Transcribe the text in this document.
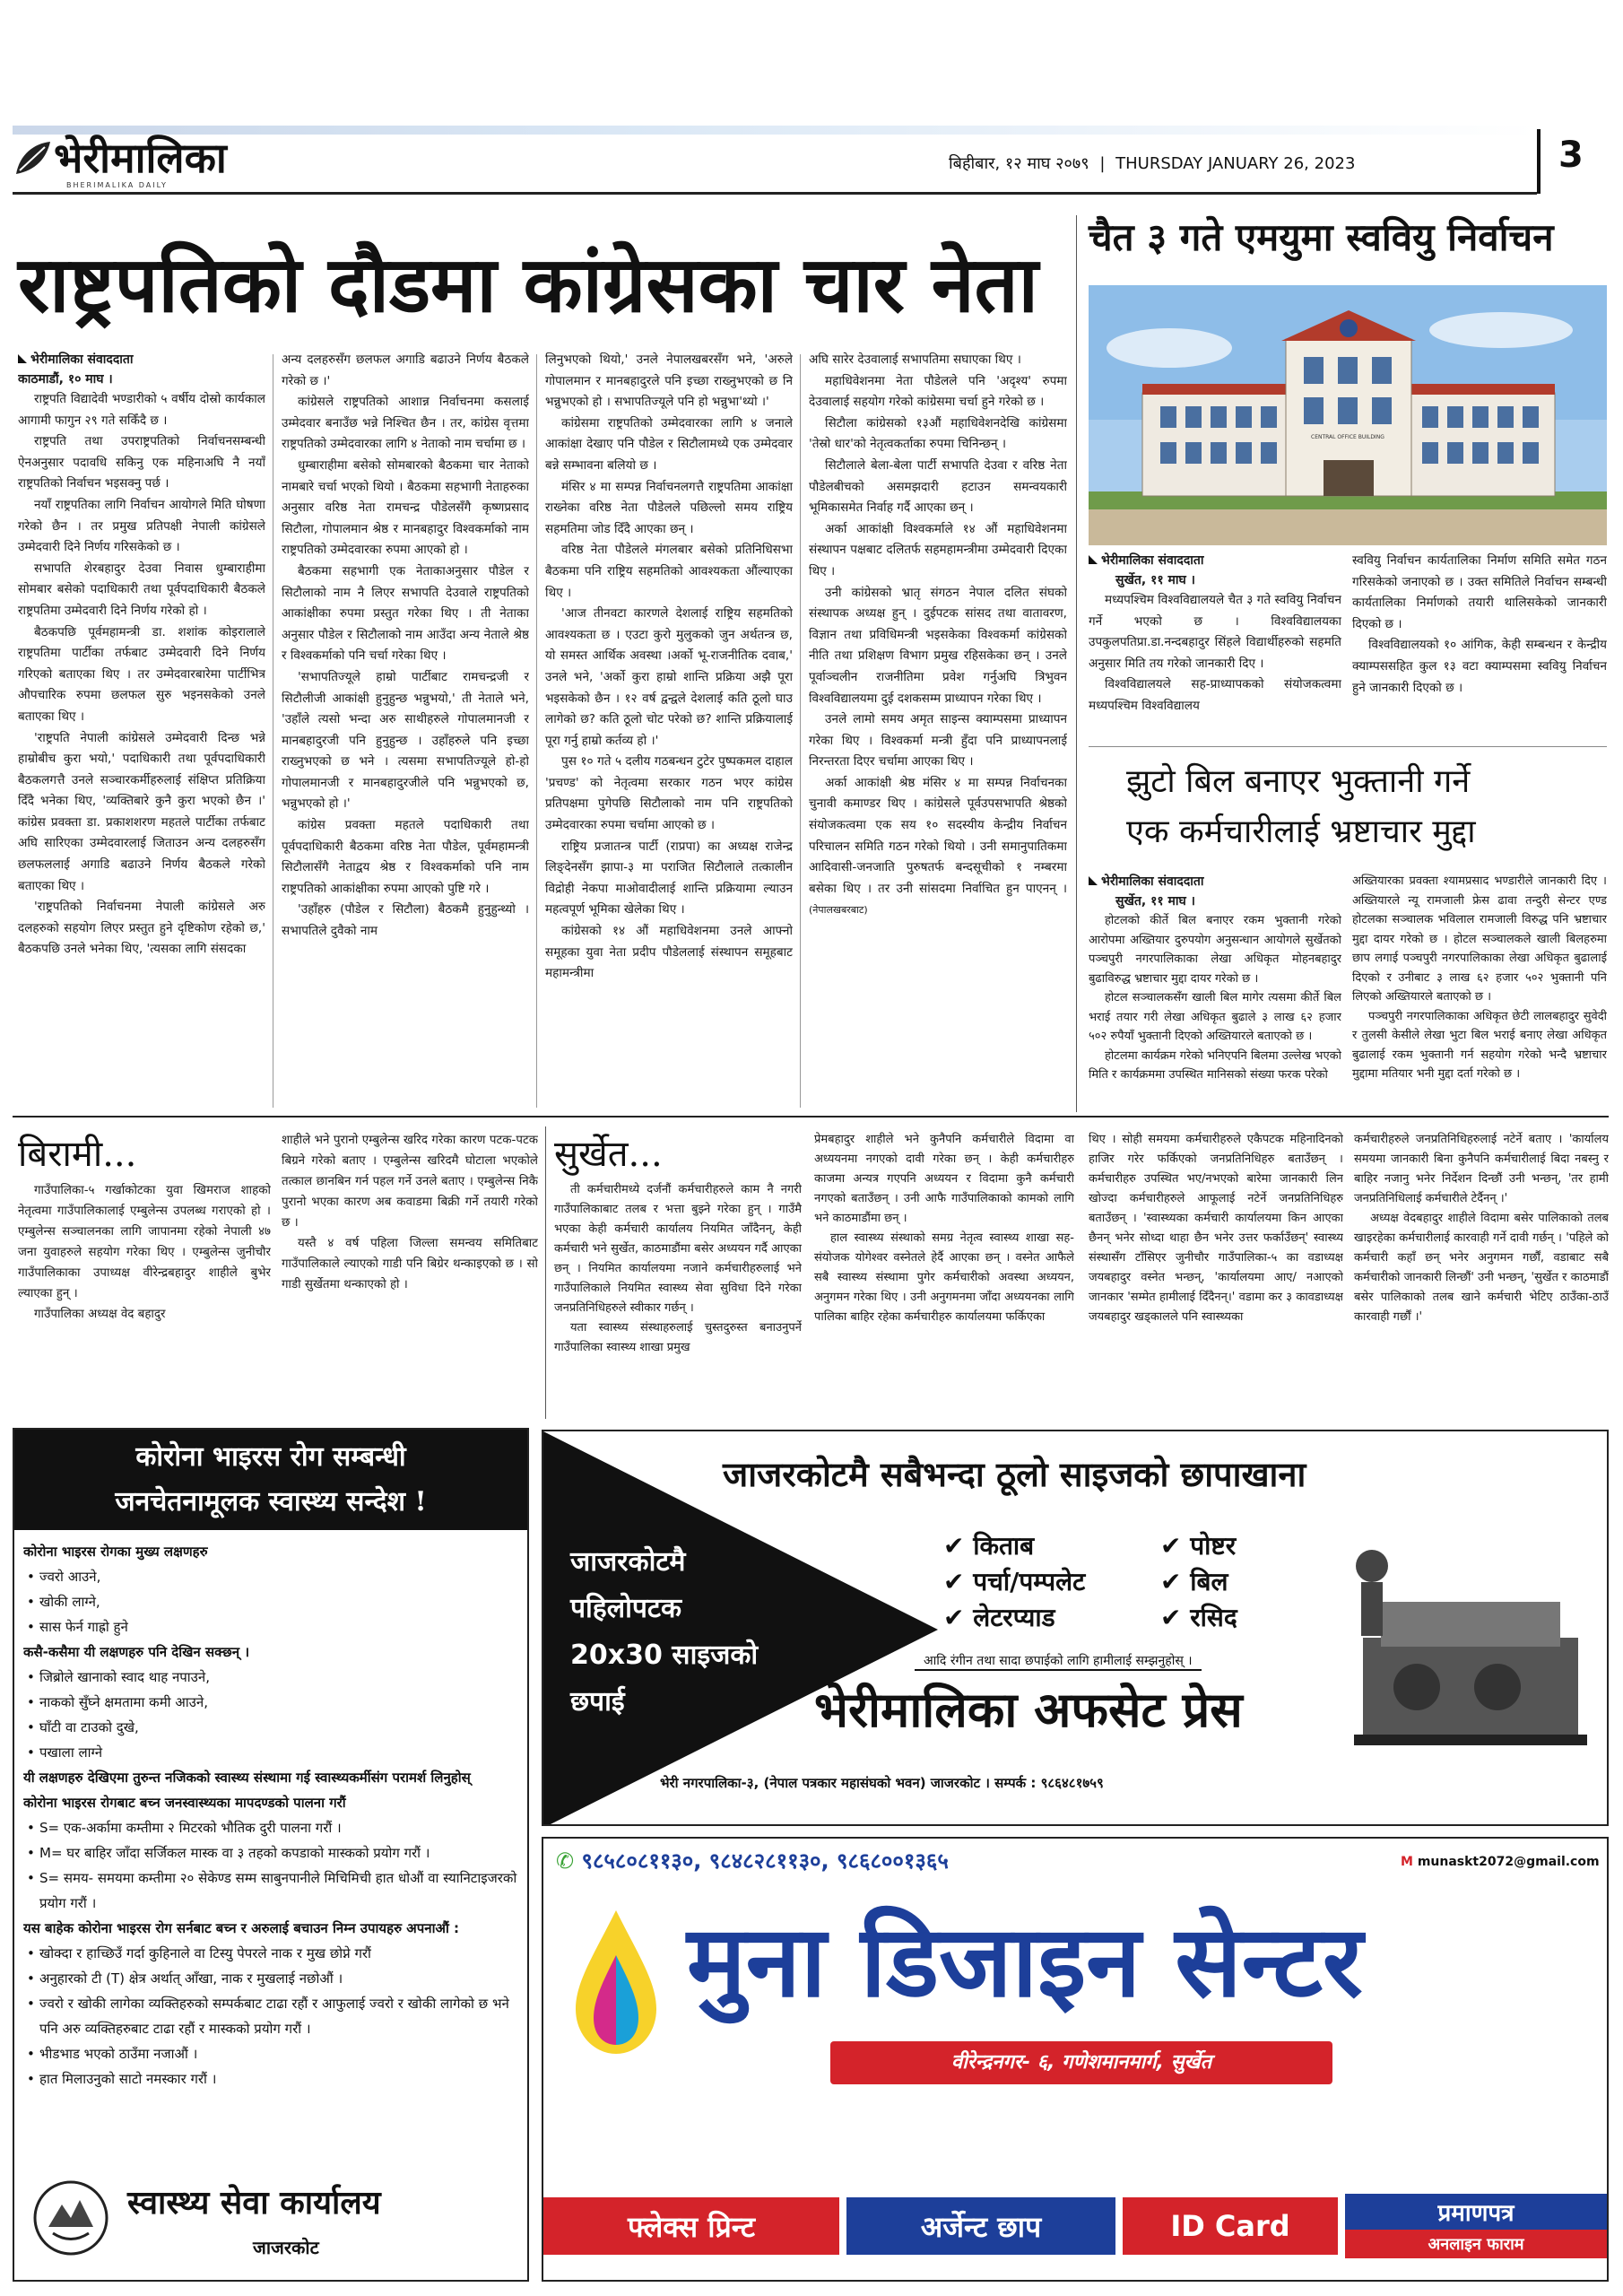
भेरीमालिका
BHERIMALIKA DAILY
बिहीबार, १२ माघ २०७९ | THURSDAY JANUARY 26, 2023	3
राष्ट्रपतिको दौडमा कांग्रेसका चार नेता
भेरीमालिका संवाददाता
काठमाडौं, १० माघ ।

राष्ट्रपति विद्यादेवी भण्डारीको ५ वर्षीय दोस्रो कार्यकाल आगामी फागुन २९ गते सकिँदै छ ।

राष्ट्रपति तथा उपराष्ट्रपतिको निर्वाचनसम्बन्धी ऐनअनुसार पदावधि सकिनु एक महिनाअघि नै नयाँ राष्ट्रपतिको निर्वाचन भइसक्नु पर्छ ।

नयाँ राष्ट्रपतिका लागि निर्वाचन आयोगले मिति घोषणा गरेको छैन । तर प्रमुख प्रतिपक्षी नेपाली कांग्रेसले उम्मेदवारी दिने निर्णय गरिसकेको छ ।

सभापति शेरबहादुर देउवा निवास धुम्बाराहीमा सोमबार बसेको पदाधिकारी तथा पूर्वपदाधिकारी बैठकले राष्ट्रपतिमा उम्मेदवारी दिने निर्णय गरेको हो ।

बैठकपछि पूर्वमहामन्त्री डा. शशांक कोइरालाले राष्ट्रपतिमा पार्टीका तर्फबाट उम्मेदवारी दिने निर्णय गरिएको बताएका थिए । तर उम्मेदवारबारेमा पार्टीभित्र औपचारिक रुपमा छलफल सुरु भइनसकेको उनले बताएका थिए ।

'राष्ट्रपति नेपाली कांग्रेसले उम्मेदवारी दिन्छ भन्ने हाम्रोबीच कुरा भयो,' पदाधिकारी तथा पूर्वपदाधिकारी बैठकलगत्तै उनले सञ्चारकर्मीहरुलाई संक्षिप्त प्रतिक्रिया दिँदै भनेका थिए, 'व्यक्तिबारे कुनै कुरा भएको छैन ।' कांग्रेस प्रवक्ता डा. प्रकाशशरण महतले पार्टीका तर्फबाट अघि सारिएका उम्मेदवारलाई जिताउन अन्य दलहरुसँग छलफललाई अगाडि बढाउने निर्णय बैठकले गरेको बताएका थिए ।

'राष्ट्रपतिको निर्वाचनमा नेपाली कांग्रेसले अरु दलहरुको सहयोग लिएर प्रस्तुत हुने दृष्टिकोण रहेको छ,' बैठकपछि उनले भनेका थिए, 'त्यसका लागि संसदका

अन्य दलहरुसँग छलफल अगाडि बढाउने निर्णय बैठकले गरेको छ ।'

कांग्रेसले राष्ट्रपतिको आशान्न निर्वाचनमा कसलाई उम्मेदवार बनाउँछ भन्ने निश्चित छैन । तर, कांग्रेस वृत्तमा राष्ट्रपतिको उम्मेदवारका लागि ४ नेताको नाम चर्चामा छ ।

धुम्बाराहीमा बसेको सोमबारको बैठकमा चार नेताको नामबारे चर्चा भएको थियो । बैठकमा सहभागी नेताहरुका अनुसार वरिष्ठ नेता रामचन्द्र पौडेलसँगै कृष्णप्रसाद सिटौला, गोपालमान श्रेष्ठ र मानबहादुर विश्वकर्माको नाम राष्ट्रपतिको उम्मेदवारका रुपमा आएको हो ।

बैठकमा सहभागी एक नेताकाअनुसार पौडेल र सिटौलाको नाम नै लिएर सभापति देउवाले राष्ट्रपतिको आकांक्षीका रुपमा प्रस्तुत गरेका थिए । ती नेताका अनुसार पौडेल र सिटौलाको नाम आउँदा अन्य नेताले श्रेष्ठ र विश्वकर्माको पनि चर्चा गरेका थिए ।

'सभापतिज्यूले हाम्रो पार्टीबाट रामचन्द्रजी र सिटौलीजी आकांक्षी हुनुहुन्छ भन्नुभयो,' ती नेताले भने, 'उहाँले त्यसो भन्दा अरु साथीहरुले गोपालमानजी र मानबहादुरजी पनि हुनुहुन्छ । उहाँहरुले पनि इच्छा राख्नुभएको छ भने । त्यसमा सभापतिज्यूले हो-हो गोपालमानजी र मानबहादुरजीले पनि भन्नुभएको छ, भन्नुभएको हो ।'

कांग्रेस प्रवक्ता महतले पदाधिकारी तथा पूर्वपदाधिकारी बैठकमा वरिष्ठ नेता पौडेल, पूर्वमहामन्त्री सिटौलासँगै नेताद्वय श्रेष्ठ र विश्वकर्माको पनि नाम राष्ट्रपतिको आकांक्षीका रुपमा आएको पुष्टि गरे ।

'उहाँहरु (पौडेल र सिटौला) बैठकमै हुनुहुन्थ्यो । सभापतिले दुवैको नाम

लिनुभएको थियो,' उनले नेपालखबरसँग भने, 'अरुले गोपालमान र मानबहादुरले पनि इच्छा राख्नुभएको छ नि भन्नुभएको हो । सभापतिज्यूले पनि हो भन्नुभा'थ्यो ।'

कांग्रेसमा राष्ट्रपतिको उम्मेदवारका लागि ४ जनाले आकांक्षा देखाए पनि पौडेल र सिटौलामध्ये एक उम्मेदवार बन्ने सम्भावना बलियो छ ।

मंसिर ४ मा सम्पन्न निर्वाचनलगत्तै राष्ट्रपतिमा आकांक्षा राख्नेका वरिष्ठ नेता पौडेलले पछिल्लो समय राष्ट्रिय सहमतिमा जोड दिँदै आएका छन् ।

वरिष्ठ नेता पौडेलले मंगलबार बसेको प्रतिनिधिसभा बैठकमा पनि राष्ट्रिय सहमतिको आवश्यकता औंल्याएका थिए ।

'आज तीनवटा कारणले देशलाई राष्ट्रिय सहमतिको आवश्यकता छ । एउटा कुरो मुलुकको जुन अर्थतन्त्र छ, यो समस्त आर्थिक अवस्था ।अर्को भू-राजनीतिक दवाब,' उनले भने, 'अर्को कुरा हाम्रो शान्ति प्रक्रिया अझै पूरा भइसकेको छैन । १२ वर्ष द्वन्द्वले देशलाई कति ठूलो घाउ लागेको छ? कति ठूलो चोट परेको छ? शान्ति प्रक्रियालाई पूरा गर्नु हाम्रो कर्तव्य हो ।'

पुस १० गते ५ दलीय गठबन्धन टुटेर पुष्पकमल दाहाल 'प्रचण्ड' को नेतृत्वमा सरकार गठन भएर कांग्रेस प्रतिपक्षमा पुगेपछि सिटौलाको नाम पनि राष्ट्रपतिको उम्मेदवारका रुपमा चर्चामा आएको छ ।

राष्ट्रिय प्रजातन्त्र पार्टी (राप्रपा) का अध्यक्ष राजेन्द्र लिङ्देनसँग झापा-३ मा पराजित सिटौलाले तत्कालीन विद्रोही नेकपा माओवादीलाई शान्ति प्रक्रियामा ल्याउन महत्वपूर्ण भूमिका खेलेका थिए ।

कांग्रेसको १४ औं महाधिवेशनमा उनले आफ्नो समूहका युवा नेता प्रदीप पौडेललाई संस्थापन समूहबाट महामन्त्रीमा

अघि सारेर देउवालाई सभापतिमा सघाएका थिए ।

महाधिवेशनमा नेता पौडेलले पनि 'अदृश्य' रुपमा देउवालाई सहयोग गरेको कांग्रेसमा चर्चा हुने गरेको छ ।

सिटौला कांग्रेसको १३औं महाधिवेशनदेखि कांग्रेसमा 'तेस्रो धार'को नेतृत्वकर्ताका रुपमा चिनिन्छन् ।

सिटौलाले बेला-बेला पार्टी सभापति देउवा र वरिष्ठ नेता पौडेलबीचको असमझदारी हटाउन समन्वयकारी भूमिकासमेत निर्वाह गर्दै आएका छन् ।

अर्का आकांक्षी विश्वकर्माले १४ औं महाधिवेशनमा संस्थापन पक्षबाट दलितर्फ सहमहामन्त्रीमा उम्मेदवारी दिएका थिए ।

उनी कांग्रेसको भ्रातृ संगठन नेपाल दलित संघको संस्थापक अध्यक्ष हुन् । दुईपटक सांसद तथा वातावरण, विज्ञान तथा प्रविधिमन्त्री भइसकेका विश्वकर्मा कांग्रेसको नीति तथा प्रशिक्षण विभाग प्रमुख रहिसकेका छन् । उनले पूर्वाञ्चलीन राजनीतिमा प्रवेश गर्नुअघि त्रिभुवन विश्वविद्यालयमा दुई दशकसम्म प्राध्यापन गरेका थिए ।

उनले लामो समय अमृत साइन्स क्याम्पसमा प्राध्यापन गरेका थिए । विश्वकर्मा मन्त्री हुँदा पनि प्राध्यापनलाई निरन्तरता दिएर चर्चामा आएका थिए ।

अर्का आकांक्षी श्रेष्ठ मंसिर ४ मा सम्पन्न निर्वाचनका चुनावी कमाण्डर थिए । कांग्रेसले पूर्वउपसभापति श्रेष्ठको संयोजकत्वमा एक सय १० सदस्यीय केन्द्रीय निर्वाचन परिचालन समिति गठन गरेको थियो । उनी समानुपातिकमा आदिवासी-जनजाति पुरुषतर्फ बन्दसूचीको १ नम्बरमा बसेका थिए । तर उनी सांसदमा निर्वाचित हुन पाएनन् । (नेपालखबरबाट)

चैत ३ गते एमयुमा स्ववियु निर्वाचन
CENTRAL OFFICE BUILDING
भेरीमालिका संवाददाता
सुर्खेत, ११ माघ ।

मध्यपश्चिम विश्वविद्यालयले चैत ३ गते स्ववियु निर्वाचन गर्ने भएको छ । विश्वविद्यालयका उपकुलपतिप्रा.डा.नन्दबहादुर सिंहले विद्यार्थीहरुको सहमति अनुसार मिति तय गरेको जानकारी दिए ।

विश्वविद्यालयले सह-प्राध्यापकको संयोजकत्वमा मध्यपश्चिम विश्वविद्यालय

स्ववियु निर्वाचन कार्यतालिका निर्माण समिति समेत गठन गरिसकेको जनाएको छ । उक्त समितिले निर्वाचन सम्बन्धी कार्यतालिका निर्माणको तयारी थालिसकेको जानकारी दिएको छ ।

विश्वविद्यालयको १० आंगिक, केही सम्बन्धन र केन्द्रीय क्याम्पससहित कुल १३ वटा क्याम्पसमा स्ववियु निर्वाचन हुने जानकारी दिएको छ ।

झुटो बिल बनाएर भुक्तानी गर्ने
एक कर्मचारीलाई भ्रष्टाचार मुद्दा
भेरीमालिका संवाददाता
सुर्खेत, ११ माघ ।

होटलको कीर्ते बिल बनाएर रकम भुक्तानी गरेको आरोपमा अख्तियार दुरुपयोग अनुसन्धान आयोगले सुर्खेतको पञ्चपुरी नगरपालिकाका लेखा अधिकृत मोहनबहादुर बुढाविरुद्ध भ्रष्टाचार मुद्दा दायर गरेको छ ।

होटल सञ्चालकसँग खाली बिल मागेर त्यसमा कीर्ते बिल भराई तयार गरी लेखा अधिकृत बुढाले ३ लाख ६२ हजार ५०२ रुपैयाँ भुक्तानी दिएको अख्तियारले बताएको छ ।

होटलमा कार्यक्रम गरेको भनिएपनि बिलमा उल्लेख भएको मिति र कार्यक्रममा उपस्थित मानिसको संख्या फरक परेको

अख्तियारका प्रवक्ता श्यामप्रसाद भण्डारीले जानकारी दिए ।अख्तियारले न्यू रामजाली फ्रेस ढावा तन्दुरी सेन्टर एण्ड होटलका सञ्चालक भविलाल रामजाली विरुद्ध पनि भ्रष्टाचार मुद्दा दायर गरेको छ । होटल सञ्चालकले खाली बिलहरुमा छाप लगाई पञ्चपुरी नगरपालिकाका लेखा अधिकृत बुढालाई दिएको र उनीबाट ३ लाख ६२ हजार ५०२ भुक्तानी पनि लिएको अख्तियारले बताएको छ ।

पञ्चपुरी नगरपालिकाका अधिकृत छेटी लालबहादुर सुवेदी र तुलसी केसीले लेखा भुटा बिल भराई बनाए लेखा अधिकृत बुढालाई रकम भुक्तानी गर्न सहयोग गरेको भन्दै भ्रष्टाचार मुद्दामा मतियार भनी मुद्दा दर्ता गरेको छ ।

बिरामी...

गाउँपालिका-५ गर्खाकोटका युवा खिमराज शाहको नेतृत्वमा गाउँपालिकालाई एम्बुलेन्स उपलब्ध गराएको हो । एम्बुलेन्स सञ्चालनका लागि जापानमा रहेको नेपाली ४७ जना युवाहरुले सहयोग गरेका थिए । एम्बुलेन्स जुनीचौर गाउँपालिकाका उपाध्यक्ष वीरेन्द्रबहादुर शाहीले बुभेर ल्याएका हुन् ।

गाउँपालिका अध्यक्ष वेद बहादुर

शाहीले भने पुरानो एम्बुलेन्स खरिद गरेका कारण पटक-पटक बिग्रने गरेको बताए । एम्बुलेन्स खरिदमै घोटाला भएकोले तत्काल छानबिन गर्न पहल गर्ने उनले बताए । एम्बुलेन्स निकै पुरानो भएका कारण अब कवाडमा बिक्री गर्ने तयारी गरेको छ ।

यस्तै ४ वर्ष पहिला जिल्ला समन्वय समितिबाट गाउँपालिकाले ल्याएको गाडी पनि बिग्रेर थन्काइएको छ । सो गाडी सुर्खेतमा थन्काएको हो ।

सुर्खेत...

ती कर्मचारीमध्ये दर्जनौं कर्मचारीहरुले काम नै नगरी गाउँपालिकाबाट तलब र भत्ता बुझ्ने गरेका हुन् । गाउँमै भएका केही कर्मचारी कार्यालय नियमित जाँदैनन्, केही कर्मचारी भने सुर्खेत, काठमाडौंमा बसेर अध्ययन गर्दै आएका छन् । नियमित कार्यालयमा नजाने कर्मचारीहरुलाई भने गाउँपालिकाले नियमित स्वास्थ्य सेवा सुविधा दिने गरेका जनप्रतिनिधिहरुले स्वीकार गर्छन् ।

यता स्वास्थ्य संस्थाहरुलाई चुस्तदुरुस्त बनाउनुपर्ने गाउँपालिका स्वास्थ्य शाखा प्रमुख

प्रेमबहादुर शाहीले भने कुनैपनि कर्मचारीले विदामा वा अध्ययनमा नगएको दावी गरेका छन् । केही कर्मचारीहरु काजमा अन्यत्र गएपनि अध्ययन र विदामा कुनै कर्मचारी नगएको बताउँछन् । उनी आफै गाउँपालिकाको कामको लागि भने काठमाडौंमा छन् ।

हाल स्वास्थ्य संस्थाको समग्र नेतृत्व स्वास्थ्य शाखा सह-संयोजक योगेश्वर वस्नेतले हेर्दै आएका छन् । वस्नेत आफैले सबै स्वास्थ्य संस्थामा पुगेर कर्मचारीको अवस्था अध्ययन, अनुगमन गरेका थिए । उनी अनुगमनमा जाँदा अध्ययनका लागि पालिका बाहिर रहेका कर्मचारीहरु कार्यालयमा फर्किएका

थिए । सोही समयमा कर्मचारीहरुले एकैपटक महिनादिनको हाजिर गरेर फर्किएको जनप्रतिनिधिहरु बताउँछन् । कर्मचारीहरु उपस्थित भए/नभएको बारेमा जानकारी लिन खोज्दा कर्मचारीहरुले आफूलाई नटेर्ने जनप्रतिनिधिहरु बताउँछन् । 'स्वास्थ्यका कर्मचारी कार्यालयमा किन आएका छैनन् भनेर सोध्दा थाहा छैन भनेर उत्तर फर्काउँछन्' स्वास्थ्य संस्थासँग टाँसिएर जुनीचौर गाउँपालिका-५ का वडाध्यक्ष जयबहादुर वस्नेत भन्छन्, 'कार्यालयमा आए/ नआएको जानकार 'सम्मेत हामीलाई दिँदैनन्।' वडामा कर ३ कावडाध्यक्ष जयबहादुर खड्कालले पनि स्वास्थ्यका

कर्मचारीहरुले जनप्रतिनिधिहरुलाई नटेर्ने बताए । 'कार्यालय समयमा जानकारी बिना कुनैपनि कर्मचारीलाई बिदा नबस्नु र बाहिर नजानु भनेर निर्देशन दिन्छौं उनी भन्छन्, 'तर हामी जनप्रतिनिधिलाई कर्मचारीले टेर्दैनन् ।'

अध्यक्ष वेदबहादुर शाहीले विदामा बसेर पालिकाको तलब खाइरहेका कर्मचारीलाई कारवाही गर्ने दावी गर्छन् । 'पहिले को कर्मचारी कहाँ छन् भनेर अनुगमन गर्छौं, वडाबाट सबै कर्मचारीको जानकारी लिन्छौं' उनी भन्छन्, 'सुर्खेत र काठमाडौं बसेर पालिकाको तलब खाने कर्मचारी भेटिए ठाउँका-ठाउँ कारवाही गर्छौं ।'

कोरोना भाइरस रोग सम्बन्धी
जनचेतनामूलक स्वास्थ्य सन्देश !
कोरोना भाइरस रोगका मुख्य लक्षणहरु
• ज्वरो आउने,
• खोकी लाग्ने,
• सास फेर्न गाह्रो हुने
कसै-कसैमा यी लक्षणहरु पनि देखिन सक्छन् ।
• जिब्रोले खानाको स्वाद थाह नपाउने,
• नाकको सुँघ्ने क्षमतामा कमी आउने,
• घाँटी वा टाउको दुखे,
• पखाला लाग्ने
यी लक्षणहरु देखिएमा तुरुन्त नजिकको स्वास्थ्य संस्थामा गई स्वास्थ्यकर्मीसंग परामर्श लिनुहोस्
कोरोना भाइरस रोगबाट बच्न जनस्वास्थ्यका मापदण्डको पालना गरौं
• S= एक-अर्कामा कम्तीमा २ मिटरको भौतिक दुरी पालना गरौं ।
• M= घर बाहिर जाँदा सर्जिकल मास्क वा ३ तहको कपडाको मास्कको प्रयोग गरौं ।
• S= समय- समयमा कम्तीमा २० सेकेण्ड सम्म साबुनपानीले मिचिमिची हात धोऔं वा स्यानिटाइजरको प्रयोग गरौं ।
यस बाहेक कोरोना भाइरस रोग सर्नबाट बच्न र अरुलाई बचाउन निम्न उपायहरु अपनाऔं :
• खोक्दा र हाच्छिउँ गर्दा कुहिनाले वा टिस्यु पेपरले नाक र मुख छोप्ने गरौं
• अनुहारको टी (T) क्षेत्र अर्थात् आँखा, नाक र मुखलाई नछोऔं ।
• ज्वरो र खोकी लागेका व्यक्तिहरुको सम्पर्कबाट टाढा रहौं र आफुलाई ज्वरो र खोकी लागेको छ भने पनि अरु व्यक्तिहरुबाट टाढा रहौं र मास्कको प्रयोग गरौं ।
• भीडभाड भएको ठाउँमा नजाऔं ।
• हात मिलाउनुको साटो नमस्कार गरौं ।
स्वास्थ्य सेवा कार्यालय
जाजरकोट
जाजरकोटमै सबैभन्दा ठूलो साइजको छापाखाना
जाजरकोटमै
पहिलोपटक
20x30 साइजको
छपाई
✔ किताब
✔ पर्चा/पम्पलेट
✔ लेटरप्याड
✔ पोष्टर
✔ बिल
✔ रसिद
आदि रंगीन तथा सादा छपाईको लागि हामीलाई सम्झनुहोस् ।
भेरीमालिका अफसेट प्रेस
भेरी नगरपालिका-३, (नेपाल पत्रकार महासंघको भवन) जाजरकोट । सम्पर्क : ९८६४८१७५९
✆ ९८५८०८११३०, ९८४८२८११३०, ९८६८००१३६५	M munaskt2072@gmail.com
मुना डिजाइन सेन्टर
वीरेन्द्रनगर- ६, गणेशमानमार्ग, सुर्खेत
फ्लेक्स प्रिन्ट	अर्जेन्ट छाप	ID Card	प्रमाणपत्र
अनलाइन फाराम
